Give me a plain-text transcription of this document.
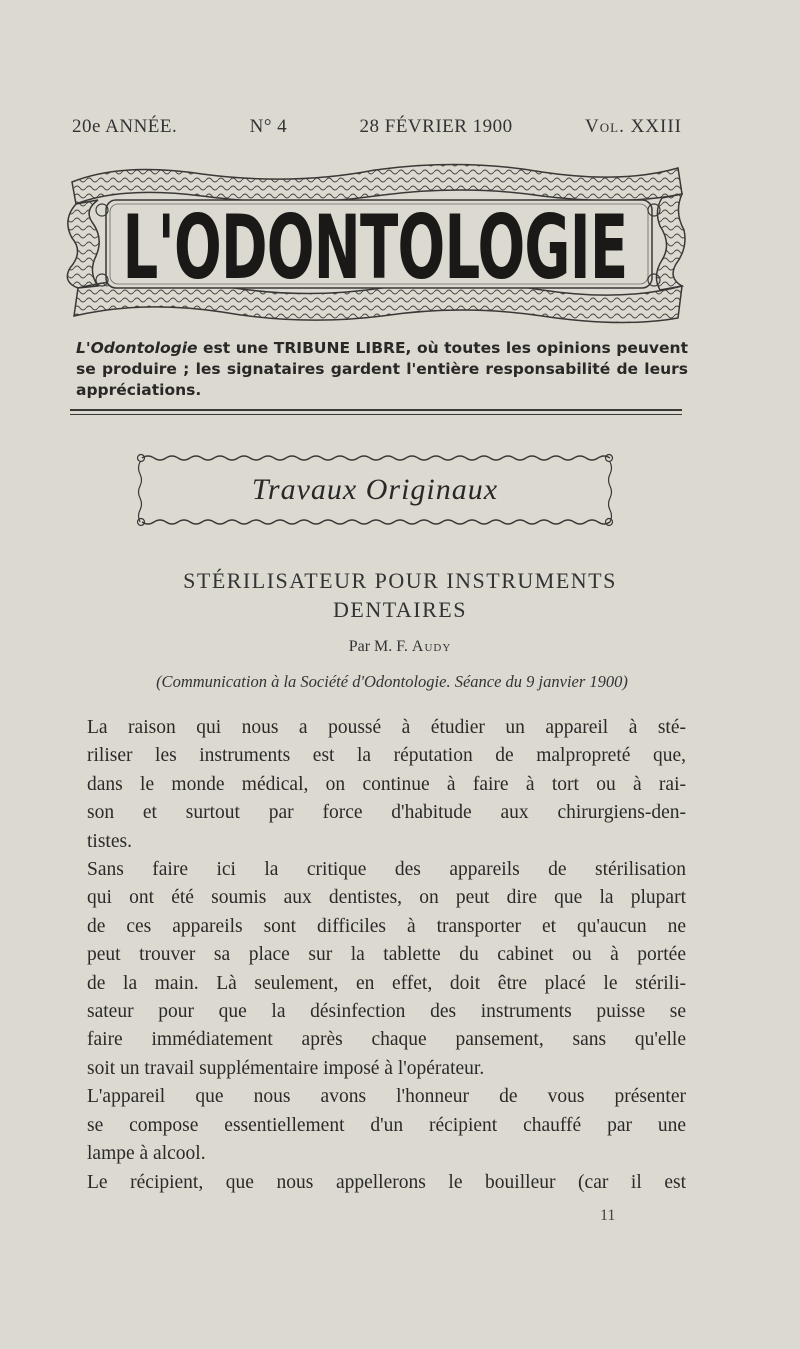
20e ANNÉE.	N° 4	28 FÉVRIER 1900	Vol. XXIII
L'ODONTOLOGIE
L'Odontologie est une TRIBUNE LIBRE, où toutes les opinions peuvent se produire ; les signataires gardent l'entière responsabilité de leurs appréciations.
Travaux Originaux
STÉRILISATEUR POUR INSTRUMENTS
DENTAIRES
Par M. F. Audy
(Communication à la Société d'Odontologie. Séance du 9 janvier 1900)

La raison qui nous a poussé à étudier un appareil à sté-
riliser les instruments est la réputation de malpropreté que,
dans le monde médical, on continue à faire à tort ou à rai-
son et surtout par force d'habitude aux chirurgiens-den-
tistes.

Sans faire ici la critique des appareils de stérilisation
qui ont été soumis aux dentistes, on peut dire que la plupart
de ces appareils sont difficiles à transporter et qu'aucun ne
peut trouver sa place sur la tablette du cabinet ou à portée
de la main. Là seulement, en effet, doit être placé le stérili-
sateur pour que la désinfection des instruments puisse se
faire immédiatement après chaque pansement, sans qu'elle
soit un travail supplémentaire imposé à l'opérateur.

L'appareil que nous avons l'honneur de vous présenter
se compose essentiellement d'un récipient chauffé par une
lampe à alcool.

Le récipient, que nous appellerons le bouilleur (car il est

11
